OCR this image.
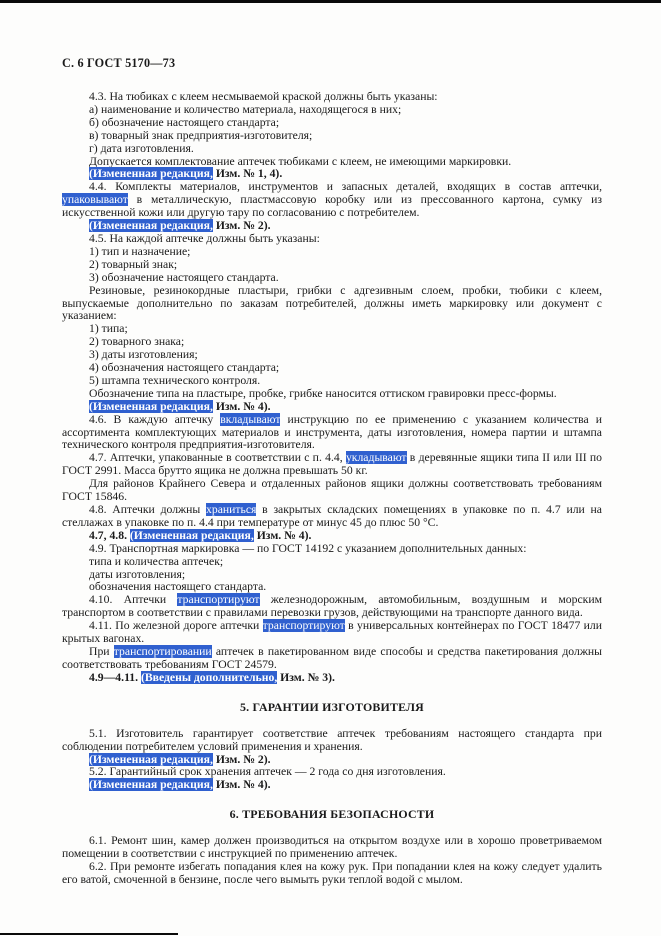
С. 6 ГОСТ 5170—73

4.3. На тюбиках с клеем несмываемой краской должны быть указаны:

а) наименование и количество материала, находящегося в них;

б) обозначение настоящего стандарта;

в) товарный знак предприятия-изготовителя;

г) дата изготовления.

Допускается комплектование аптечек тюбиками с клеем, не имеющими маркировки.

(Измененная редакция, Изм. № 1, 4).

4.4. Комплекты материалов, инструментов и запасных деталей, входящих в состав аптечки, упаковывают в металлическую, пластмассовую коробку или из прессованного картона, сумку из искусственной кожи или другую тару по согласованию с потребителем.

(Измененная редакция, Изм. № 2).

4.5. На каждой аптечке должны быть указаны:

1) тип и назначение;

2) товарный знак;

3) обозначение настоящего стандарта.

Резиновые, резинокордные пластыри, грибки с адгезивным слоем, пробки, тюбики с клеем, выпускаемые дополнительно по заказам потребителей, должны иметь маркировку или документ с указанием:

1) типа;

2) товарного знака;

3) даты изготовления;

4) обозначения настоящего стандарта;

5) штампа технического контроля.

Обозначение типа на пластыре, пробке, грибке наносится оттиском гравировки пресс-формы.

(Измененная редакция, Изм. № 4).

4.6. В каждую аптечку вкладывают инструкцию по ее применению с указанием количества и ассортимента комплектующих материалов и инструмента, даты изготовления, номера партии и штампа технического контроля предприятия-изготовителя.

4.7. Аптечки, упакованные в соответствии с п. 4.4, укладывают в деревянные ящики типа II или III по ГОСТ 2991. Масса брутто ящика не должна превышать 50 кг.

Для районов Крайнего Севера и отдаленных районов ящики должны соответствовать требованиям ГОСТ 15846.

4.8. Аптечки должны храниться в закрытых складских помещениях в упаковке по п. 4.7 или на стеллажах в упаковке по п. 4.4 при температуре от минус 45 до плюс 50 °С.

4.7, 4.8. (Измененная редакция, Изм. № 4).

4.9. Транспортная маркировка — по ГОСТ 14192 с указанием дополнительных данных:

типа и количества аптечек;

даты изготовления;

обозначения настоящего стандарта.

4.10. Аптечки транспортируют железнодорожным, автомобильным, воздушным и морским транспортом в соответствии с правилами перевозки грузов, действующими на транспорте данного вида.

4.11. По железной дороге аптечки транспортируют в универсальных контейнерах по ГОСТ 18477 или крытых вагонах.

При транспортировании аптечек в пакетированном виде способы и средства пакетирования должны соответствовать требованиям ГОСТ 24579.

4.9—4.11. (Введены дополнительно, Изм. № 3).

5. ГАРАНТИИ ИЗГОТОВИТЕЛЯ

5.1. Изготовитель гарантирует соответствие аптечек требованиям настоящего стандарта при соблюдении потребителем условий применения и хранения.

(Измененная редакция, Изм. № 2).

5.2. Гарантийный срок хранения аптечек — 2 года со дня изготовления.

(Измененная редакция, Изм. № 4).

6. ТРЕБОВАНИЯ БЕЗОПАСНОСТИ

6.1. Ремонт шин, камер должен производиться на открытом воздухе или в хорошо проветриваемом помещении в соответствии с инструкцией по применению аптечек.

6.2. При ремонте избегать попадания клея на кожу рук. При попадании клея на кожу следует удалить его ватой, смоченной в бензине, после чего вымыть руки теплой водой с мылом.
